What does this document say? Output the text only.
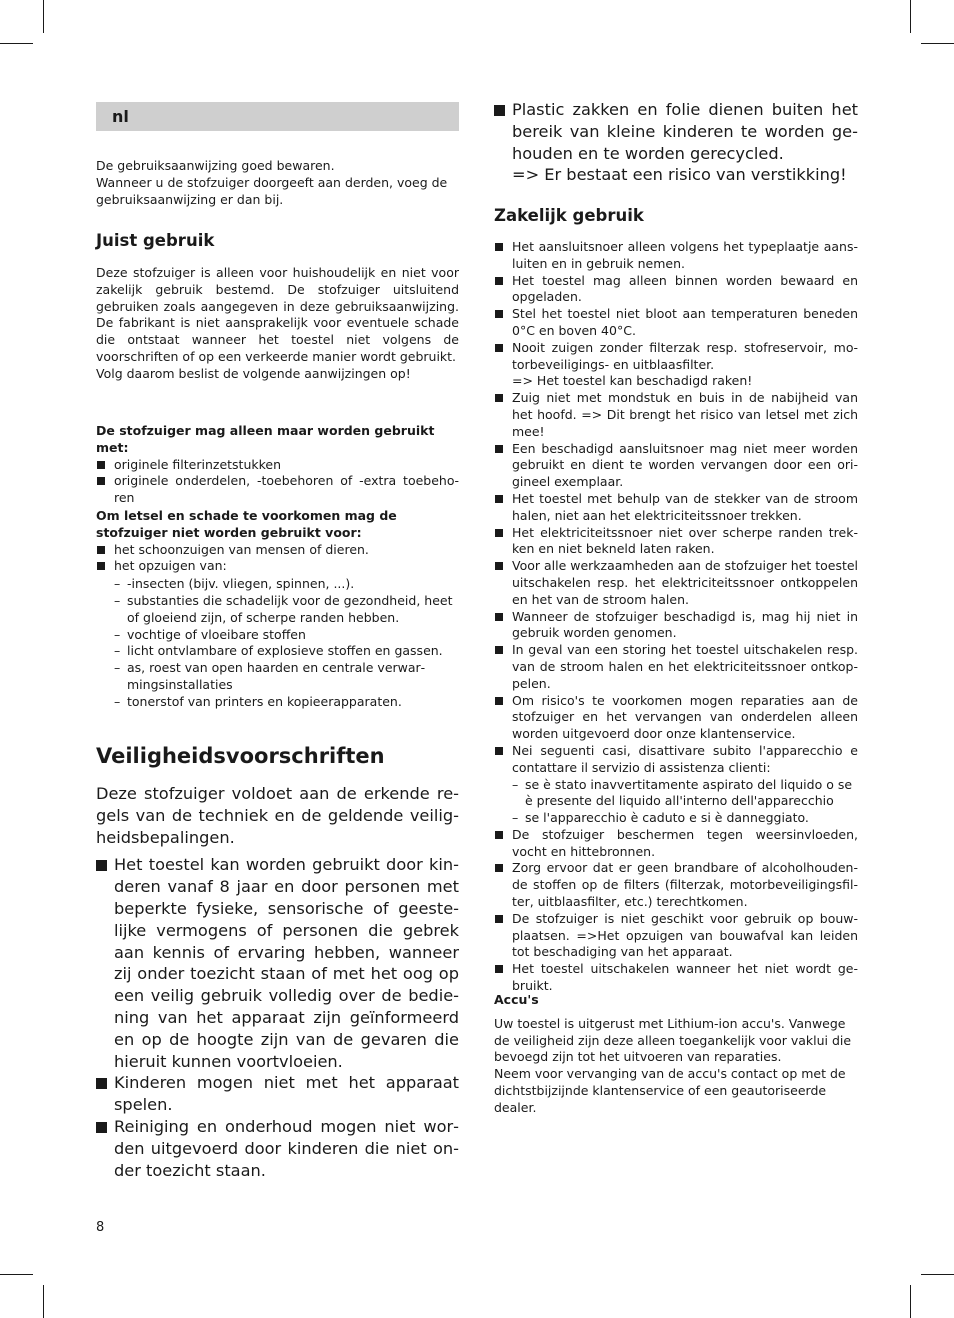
nl

De gebruiksaanwijzing goed bewaren.

Wanneer u de stofzuiger doorgeeft aan derden, voeg de gebruiksaanwijzing er dan bij.

Juist gebruik

Deze stofzuiger is alleen voor huishoudelijk en niet voor zakelijk gebruik bestemd. De stofzuiger uitsluitend gebruiken zoals aangegeven in deze gebruiksaanwijzing. De fabrikant is niet aansprakelijk voor eventuele schade die ontstaat wanneer het toestel niet volgens de voorschriften of op een verkeerde manier wordt gebruikt.

Volg daarom beslist de volgende aanwijzingen op!

De stofzuiger mag alleen maar worden gebruikt met:
originele filterinzetstukken
originele onderdelen, -toebehoren of -extra toebehoren
Om letsel en schade te voorkomen mag de stofzuiger niet worden gebruikt voor:
het schoonzuigen van mensen of dieren.
het opzuigen van:
– -insecten (bijv. vliegen, spinnen, ...).
– substanties die schadelijk voor de gezondheid, heet of gloeiend zijn, of scherpe randen hebben.
– vochtige of vloeibare stoffen
– licht ontvlambare of explosieve stoffen en gassen.
– as, roest van open haarden en centrale verwarmingsinstallaties
– tonerstof van printers en kopieerapparaten.
Veiligheidsvoorschriften

Deze stofzuiger voldoet aan de erkende regels van de techniek en de geldende veiligheidsbepalingen.

Het toestel kan worden gebruikt door kinderen vanaf 8 jaar en door personen met beperkte fysieke, sensorische of geestelijke vermogens of personen die gebrek aan kennis of ervaring hebben, wanneer zij onder toezicht staan of met het oog op een veilig gebruik volledig over de bediening van het apparaat zijn geïnformeerd en op de hoogte zijn van de gevaren die hieruit kunnen voortvloeien.
Kinderen mogen niet met het apparaat spelen.
Reiniging en onderhoud mogen niet worden uitgevoerd door kinderen die niet onder toezicht staan.
Plastic zakken en folie dienen buiten het bereik van kleine kinderen te worden gehouden en te worden gerecycled.
=> Er bestaat een risico van verstikking!
Zakelijk gebruik
Het aansluitsnoer alleen volgens het typeplaatje aansluiten en in gebruik nemen.
Het toestel mag alleen binnen worden bewaard en opgeladen.
Stel het toestel niet bloot aan temperaturen beneden 0°C en boven 40°C.
Nooit zuigen zonder filterzak resp. stofreservoir, motorbeveiligings- en uitblaasfilter.
=> Het toestel kan beschadigd raken!
Zuig niet met mondstuk en buis in de nabijheid van het hoofd. => Dit brengt het risico van letsel met zich mee!
Een beschadigd aansluitsnoer mag niet meer worden gebruikt en dient te worden vervangen door een origineel exemplaar.
Het toestel met behulp van de stekker van de stroom halen, niet aan het elektriciteitssnoer trekken.
Het elektriciteitssnoer niet over scherpe randen trekken en niet bekneld laten raken.
Voor alle werkzaamheden aan de stofzuiger het toestel uitschakelen resp. het elektriciteitssnoer ontkoppelen en het van de stroom halen.
Wanneer de stofzuiger beschadigd is, mag hij niet in gebruik worden genomen.
In geval van een storing het toestel uitschakelen resp. van de stroom halen en het elektriciteitssnoer ontkoppelen.
Om risico's te voorkomen mogen reparaties aan de stofzuiger en het vervangen van onderdelen alleen worden uitgevoerd door onze klantenservice.
Nei seguenti casi, disattivare subito l'apparecchio e contattare il servizio di assistenza clienti:
– se è stato inavvertitamente aspirato del liquido o se è presente del liquido all'interno dell'apparecchio
– se l'apparecchio è caduto e si è danneggiato.
De stofzuiger beschermen tegen weersinvloeden, vocht en hittebronnen.
Zorg ervoor dat er geen brandbare of alcoholhoudende stoffen op de filters (filterzak, motorbeveiligingsfilter, uitblaasfilter, etc.) terechtkomen.
De stofzuiger is niet geschikt voor gebruik op bouwplaatsen. =>Het opzuigen van bouwafval kan leiden tot beschadiging van het apparaat.
Het toestel uitschakelen wanneer het niet wordt gebruikt.
Accu's

Uw toestel is uitgerust met Lithium-ion accu's. Vanwege de veiligheid zijn deze alleen toegankelijk voor vaklui die bevoegd zijn tot het uitvoeren van reparaties.

Neem voor vervanging van de accu's contact op met de dichtstbijzijnde klantenservice of een geautoriseerde dealer.

8
